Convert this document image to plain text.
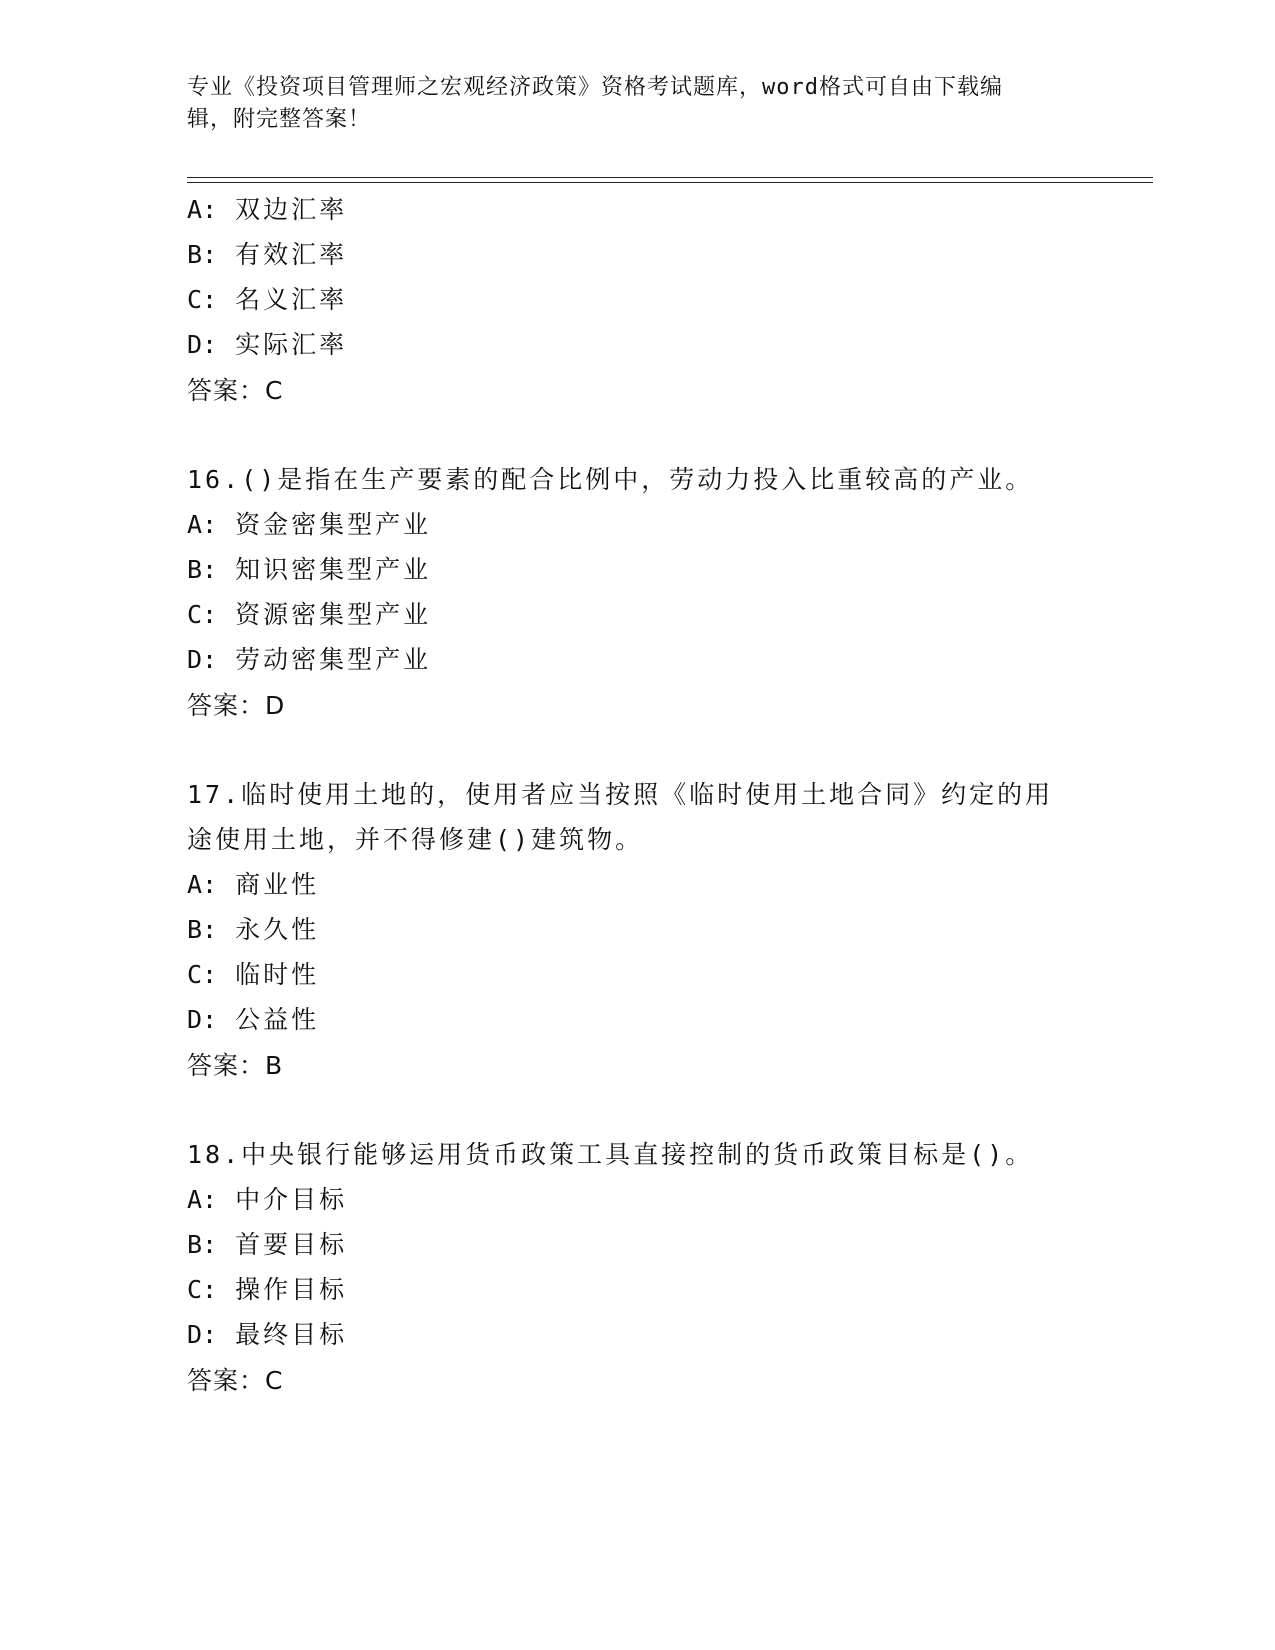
专业《投资项目管理师之宏观经济政策》资格考试题库，word格式可自由下载编
辑，附完整答案！
A: 双边汇率
B: 有效汇率
C: 名义汇率
D: 实际汇率
答案：C
16.()是指在生产要素的配合比例中，劳动力投入比重较高的产业。
A: 资金密集型产业
B: 知识密集型产业
C: 资源密集型产业
D: 劳动密集型产业
答案：D
17.临时使用土地的，使用者应当按照《临时使用土地合同》约定的用
途使用土地，并不得修建()建筑物。
A: 商业性
B: 永久性
C: 临时性
D: 公益性
答案：B
18.中央银行能够运用货币政策工具直接控制的货币政策目标是()。
A: 中介目标
B: 首要目标
C: 操作目标
D: 最终目标
答案：C
